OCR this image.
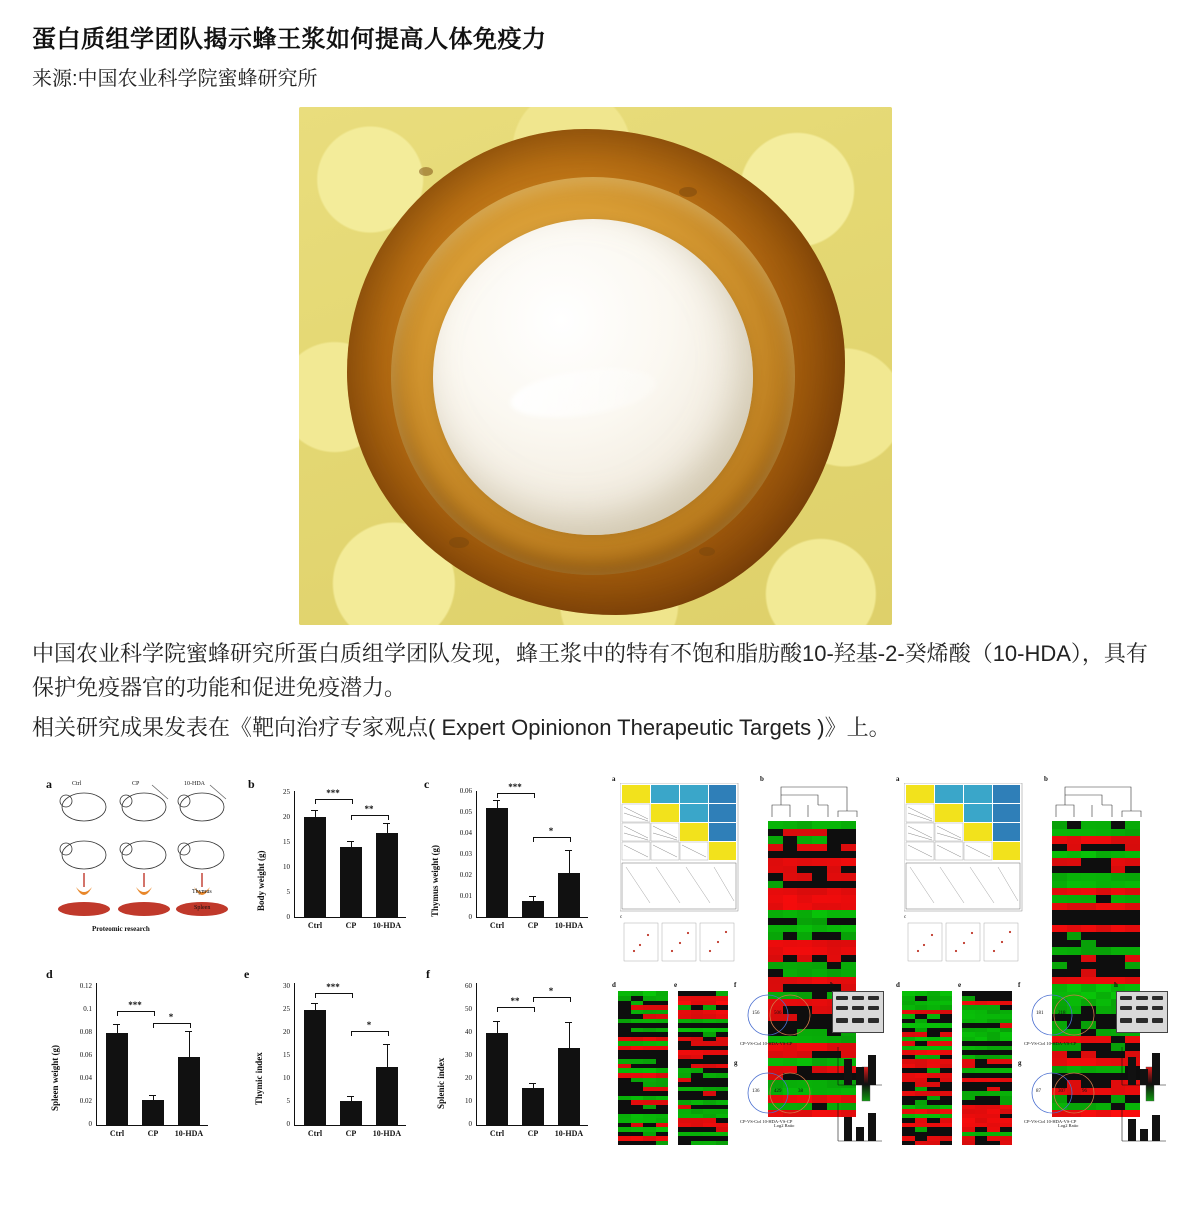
蛋白质组学团队揭示蜂王浆如何提高人体免疫力
来源:中国农业科学院蜜蜂研究所

中国农业科学院蜜蜂研究所蛋白质组学团队发现，蜂王浆中的特有不饱和脂肪酸10-羟基-2-癸烯酸（10-HDA），具有保护免疫器官的功能和促进免疫潜力。

相关研究成果发表在《靶向治疗专家观点( Expert Opinionon Therapeutic Targets )》上。

a	Ctrl	CP	10-HDA
Thymus
Spleen
Proteomic research
b
Body weight (g)
0
5
10
15
20
25	***
**
Ctrl	CP	10-HDA
c
Thymus weight (g)	0
0.01
0.02
0.03
0.04
0.05
0.06	***
*
Ctrl	CP	10-HDA
d
Spleen weight (g)
0
0.02
0.04
0.06
0.08
0.1
0.12
***
*
Ctrl	CP	10-HDA
e
Thymic index
0
5
10
15
20
25
30	***
*
Ctrl	CP	10-HDA
f
Splenic index
0
10
20
30
40
50
60
**
*
Ctrl	CP	10-HDA
a
c
b
Log2 Ratio
d	e	f
156	506	26
CP-VS-Ctrl 10-HDA-VS-CP
g
136	429	38
CP-VS-Ctrl 10-HDA-VS-CP
h
a
c
b
Log2 Ratio
d	e	f
181	218	49
CP-VS-Ctrl 10-HDA-VS-CP
g
87	307	96
CP-VS-Ctrl 10-HDA-VS-CP
h
